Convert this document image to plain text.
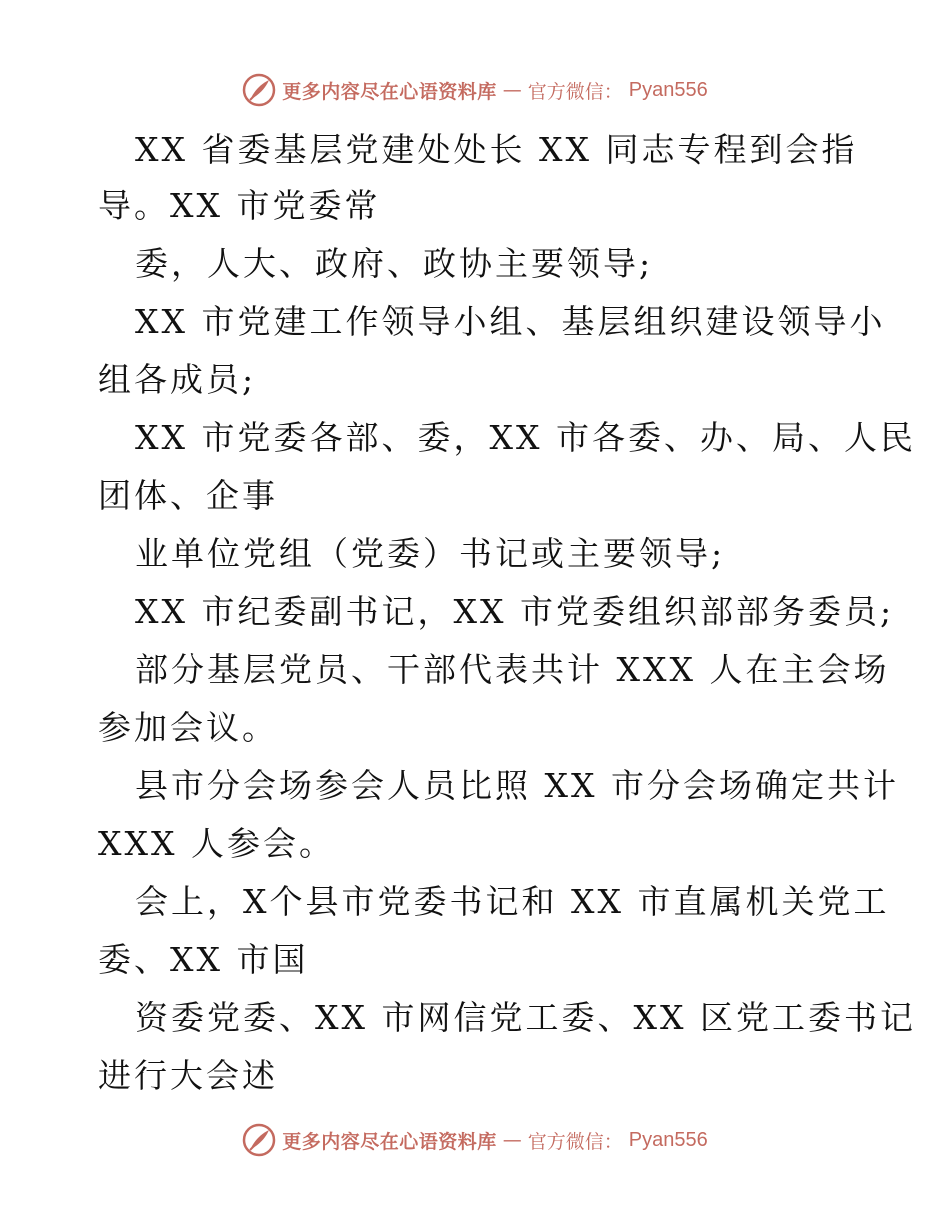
更多内容尽在心语资料库 — 官方微信： Pyan556
XX 省委基层党建处处长 XX 同志专程到会指
导。XX 市党委常
委，人大、政府、政协主要领导;
XX 市党建工作领导小组、基层组织建设领导小
组各成员;
XX 市党委各部、委，XX 市各委、办、局、人民
团体、企事
业单位党组（党委）书记或主要领导;
XX 市纪委副书记，XX 市党委组织部部务委员;
部分基层党员、干部代表共计 XXX 人在主会场
参加会议。
县市分会场参会人员比照 XX 市分会场确定共计
XXX 人参会。
会上，X个县市党委书记和 XX 市直属机关党工
委、XX 市国
资委党委、XX 市网信党工委、XX 区党工委书记
进行大会述
更多内容尽在心语资料库 — 官方微信： Pyan556
